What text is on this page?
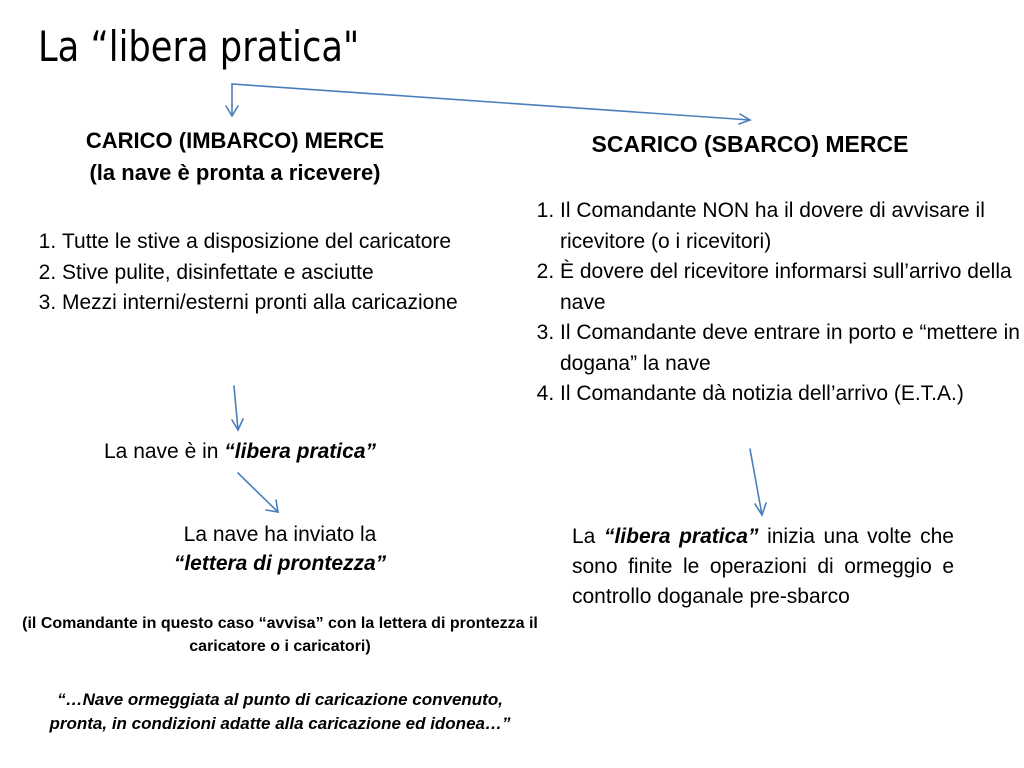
La “libera pratica"
CARICO (IMBARCO) MERCE
(la nave è pronta a ricevere)
1. Tutte le stive a disposizione del caricatore
2. Stive pulite, disinfettate e asciutte
3. Mezzi interni/esterni pronti alla caricazione

La nave è in “libera pratica”

La nave ha inviato la

“lettera di prontezza”

(il Comandante in questo caso “avvisa” con la lettera di prontezza il caricatore o i caricatori)

“…Nave ormeggiata al punto di caricazione convenuto, pronta, in condizioni adatte alla caricazione ed idonea…”

SCARICO (SBARCO) MERCE
1. Il Comandante NON ha il dovere di avvisare il ricevitore (o i ricevitori)
2. È dovere del ricevitore informarsi sull’arrivo della nave
3. Il Comandante deve entrare in porto e “mettere in dogana” la nave
4. Il Comandante dà notizia dell’arrivo (E.T.A.)

La “libera pratica” inizia una volte che sono finite le operazioni di ormeggio e controllo doganale pre-sbarco
